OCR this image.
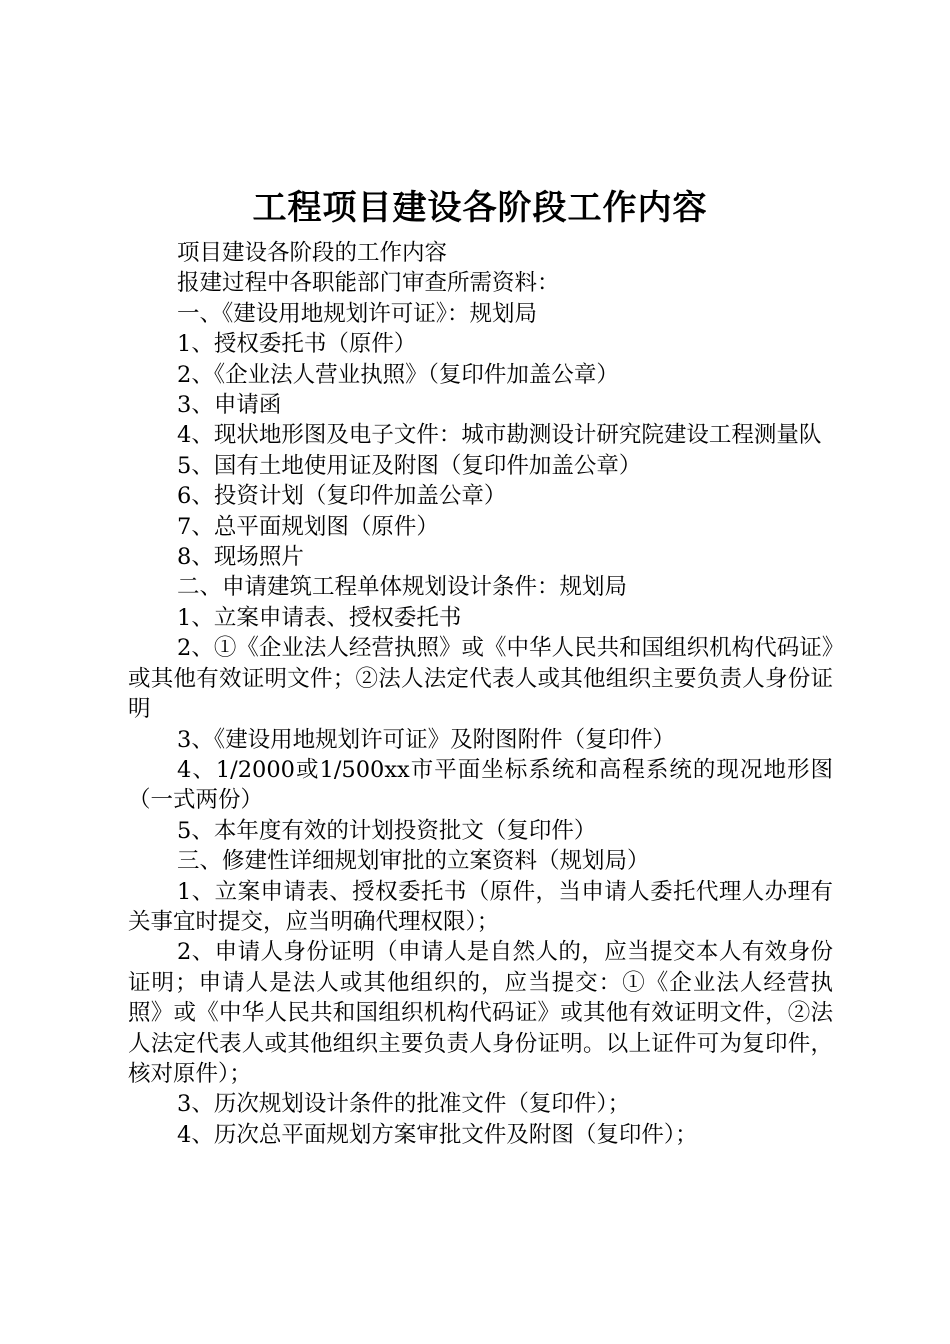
工程项目建设各阶段工作内容

项目建设各阶段的工作内容

报建过程中各职能部门审查所需资料：

一、《建设用地规划许可证》：规划局

1、授权委托书（原件）

2、《企业法人营业执照》（复印件加盖公章）

3、申请函

4、现状地形图及电子文件：城市勘测设计研究院建设工程测量队

5、国有土地使用证及附图（复印件加盖公章）

6、投资计划（复印件加盖公章）

7、总平面规划图（原件）

8、现场照片

二、申请建筑工程单体规划设计条件：规划局

1、立案申请表、授权委托书

2、①《企业法人经营执照》或《中华人民共和国组织机构代码证》或其他有效证明文件；②法人法定代表人或其他组织主要负责人身份证明

3、《建设用地规划许可证》及附图附件（复印件）

4、1/2000或1/500xx市平面坐标系统和高程系统的现况地形图（一式两份）

5、本年度有效的计划投资批文（复印件）

三、修建性详细规划审批的立案资料（规划局）

1、立案申请表、授权委托书（原件，当申请人委托代理人办理有关事宜时提交，应当明确代理权限）；

2、申请人身份证明（申请人是自然人的，应当提交本人有效身份证明；申请人是法人或其他组织的，应当提交：①《企业法人经营执照》或《中华人民共和国组织机构代码证》或其他有效证明文件，②法人法定代表人或其他组织主要负责人身份证明。以上证件可为复印件，核对原件）；

3、历次规划设计条件的批准文件（复印件）；

4、历次总平面规划方案审批文件及附图（复印件）；
